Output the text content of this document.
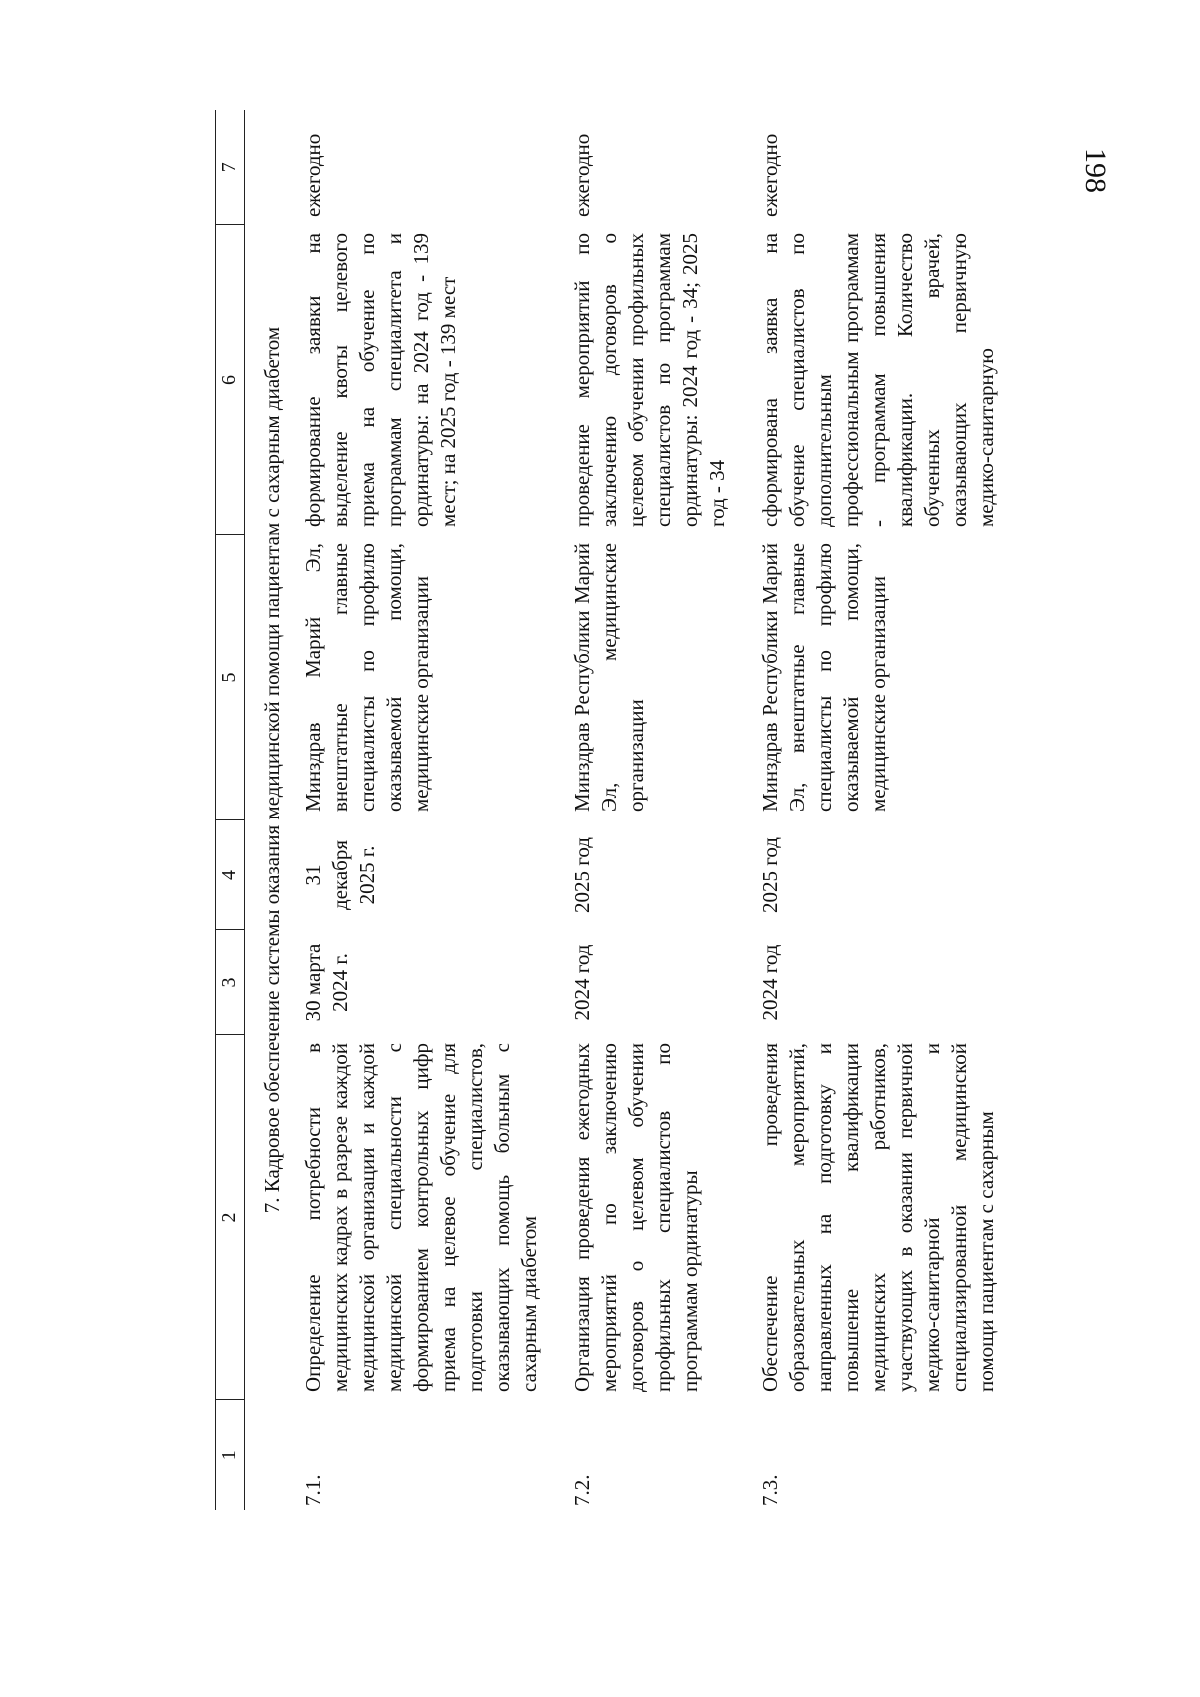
198
1	2	3	4	5	6	7
7. Кадровое обеспечение системы оказания медицинской помощи пациентам с сахарным диабетом						
7.1.	Определение потребности в медицинских кадрах в разрезе каждой медицинской организации и каждой медицинской специальности с формированием контрольных цифр приема на целевое обучение для подготовки специалистов, оказывающих помощь больным с сахарным диабетом	30 марта 2024 г.	31 декабря 2025 г.	Минздрав Марий Эл, внештатные главные специалисты по профилю оказываемой помощи, медицинские организации	формирование заявки на выделение квоты целевого приема на обучение по программам специалитета и ординатуры: на 2024 год - 139 мест; на 2025 год - 139 мест	ежегодно
7.2.	Организация проведения ежегодных мероприятий по заключению договоров о целевом обучении профильных специалистов по программам ординатуры	2024 год	2025 год	Минздрав Республики Марий Эл, медицинские организации	проведение мероприятий по заключению договоров о целевом обучении профильных специалистов по программам ординатуры: 2024 год - 34; 2025 год - 34	ежегодно
7.3.	Обеспечение проведения образовательных мероприятий, направленных на подготовку и повышение квалификации медицинских работников, участвующих в оказании первичной медико-санитарной и специализированной медицинской помощи пациентам с сахарным	2024 год	2025 год	Минздрав Республики Марий Эл, внештатные главные специалисты по профилю оказываемой помощи, медицинские организации	сформирована заявка на обучение специалистов по дополнительным профессиональным программам - программам повышения квалификации. Количество обученных врачей, оказывающих первичную медико-санитарную	ежегодно
